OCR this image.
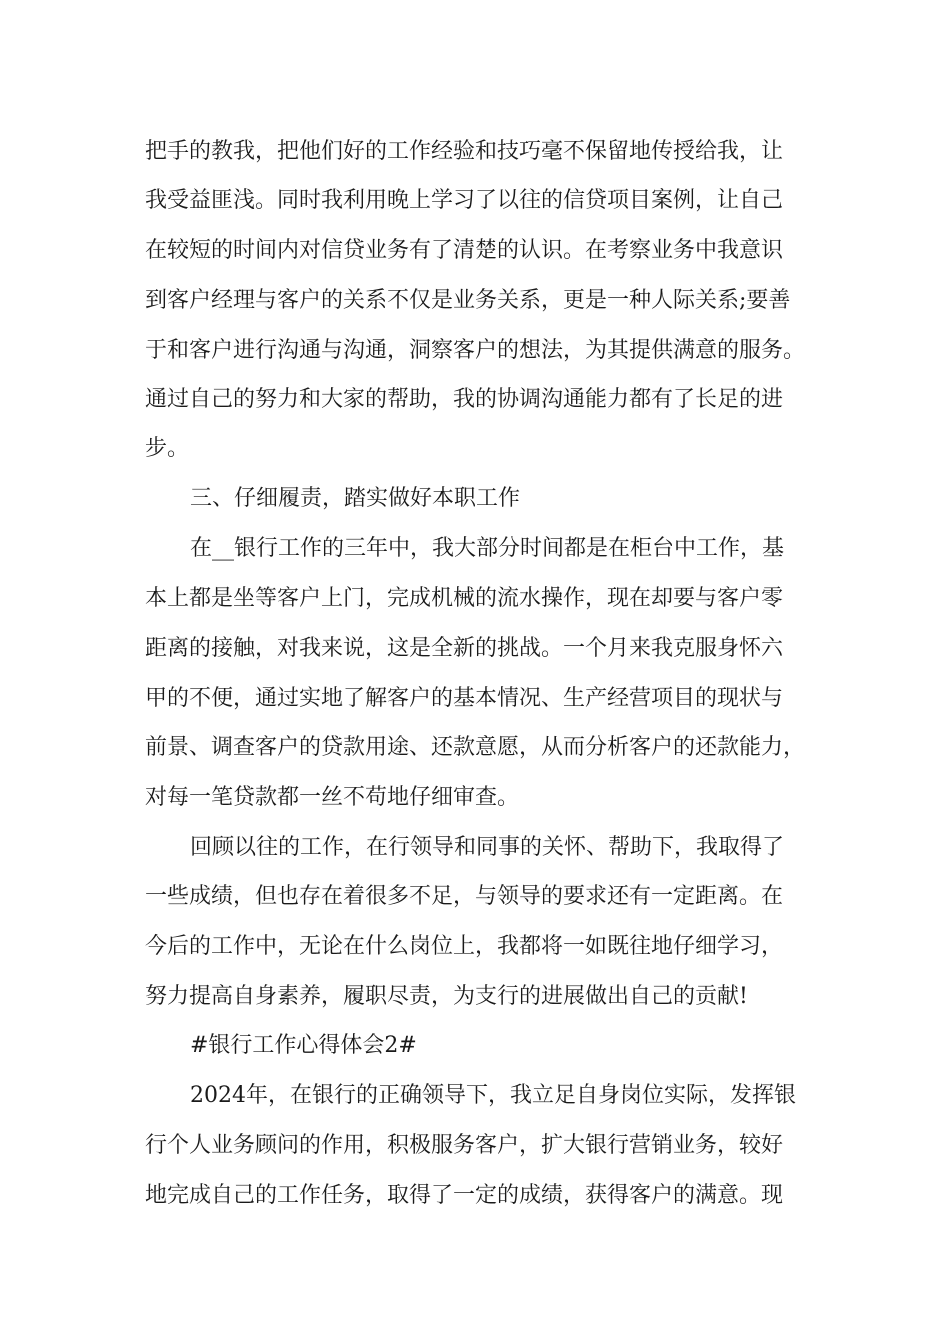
把手的教我，把他们好的工作经验和技巧毫不保留地传授给我，让

我受益匪浅。同时我利用晚上学习了以往的信贷项目案例，让自己

在较短的时间内对信贷业务有了清楚的认识。在考察业务中我意识

到客户经理与客户的关系不仅是业务关系，更是一种人际关系;要善

于和客户进行沟通与沟通，洞察客户的想法，为其提供满意的服务。

通过自己的努力和大家的帮助，我的协调沟通能力都有了长足的进

步。

三、仔细履责，踏实做好本职工作

在__银行工作的三年中，我大部分时间都是在柜台中工作，基

本上都是坐等客户上门，完成机械的流水操作，现在却要与客户零

距离的接触，对我来说，这是全新的挑战。一个月来我克服身怀六

甲的不便，通过实地了解客户的基本情况、生产经营项目的现状与

前景、调查客户的贷款用途、还款意愿，从而分析客户的还款能力，

对每一笔贷款都一丝不苟地仔细审查。

回顾以往的工作，在行领导和同事的关怀、帮助下，我取得了

一些成绩，但也存在着很多不足，与领导的要求还有一定距离。在

今后的工作中，无论在什么岗位上，我都将一如既往地仔细学习，

努力提高自身素养，履职尽责，为支行的进展做出自己的贡献!

#银行工作心得体会2#

2024年，在银行的正确领导下，我立足自身岗位实际，发挥银

行个人业务顾问的作用，积极服务客户，扩大银行营销业务，较好

地完成自己的工作任务，取得了一定的成绩，获得客户的满意。现
